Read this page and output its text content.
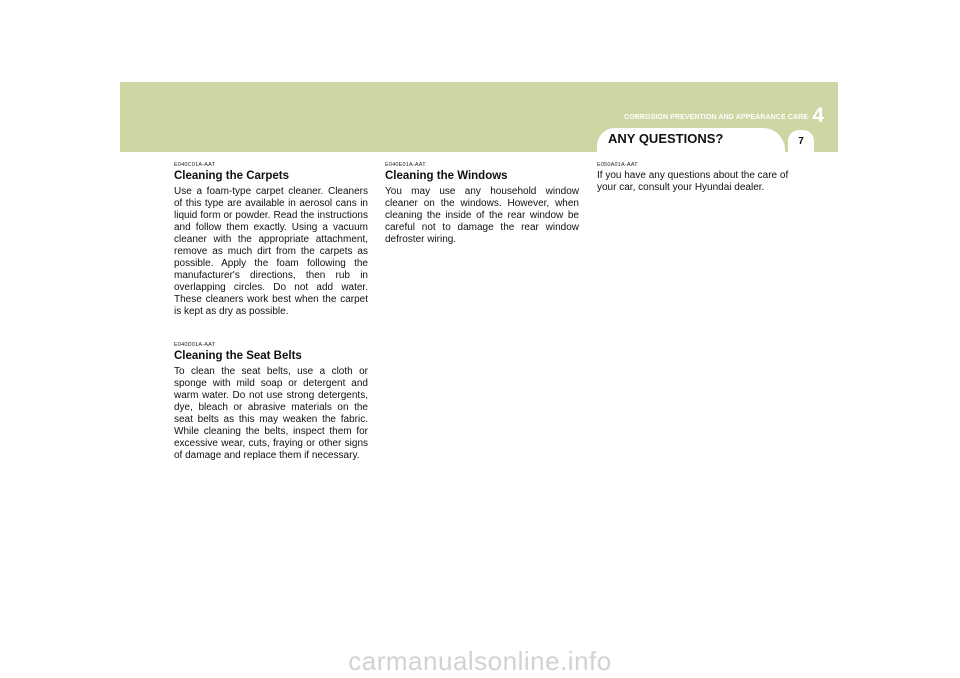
CORROSION PREVENTION AND APPEARANCE CARE 4
ANY QUESTIONS?	7
E040C01A-AAT
Cleaning the Carpets

Use a foam-type carpet cleaner. Cleaners of this type are available in aerosol cans in liquid form or powder. Read the instructions and follow them exactly. Using a vacuum cleaner with the appropriate attachment, remove as much dirt from the carpets as possible. Apply the foam following the manufacturer's directions, then rub in overlapping circles. Do not add water. These cleaners work best when the carpet is kept as dry as possible.

E040D01A-AAT
Cleaning the Seat Belts

To clean the seat belts, use a cloth or sponge with mild soap or detergent and warm water. Do not use strong detergents, dye, bleach or abrasive materials on the seat belts as this may weaken the fabric. While cleaning the belts, inspect them for excessive wear, cuts, fraying or other signs of damage and replace them if necessary.

E040E01A-AAT
Cleaning the Windows

You may use any household window cleaner on the windows. However, when cleaning the inside of the rear window be careful not to damage the rear window defroster wiring.

E050A01A-AAT

If you have any questions about the care of your car, consult your Hyundai dealer.

carmanualsonline.info
